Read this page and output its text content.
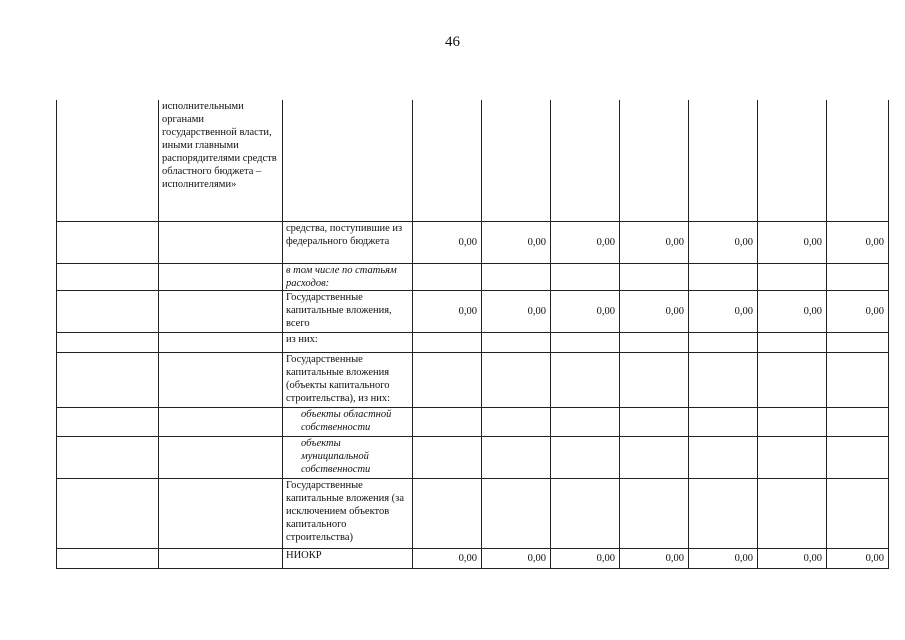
46
	исполнительными органами государственной власти, иными главными распорядителями средств областного бюджета – исполнителями»								
		средства, поступившие из федерального бюджета	0,00	0,00	0,00	0,00	0,00	0,00	0,00
		в том числе по статьям расходов:							
		Государственные капитальные вложения, всего	0,00	0,00	0,00	0,00	0,00	0,00	0,00
		из них:							
		Государственные капитальные вложения (объекты капитального строительства), из них:							
		объекты областной собственности							
		объекты муниципальной собственности							
		Государственные капитальные вложения (за исключением объектов капитального строительства)							
		НИОКР	0,00	0,00	0,00	0,00	0,00	0,00	0,00
